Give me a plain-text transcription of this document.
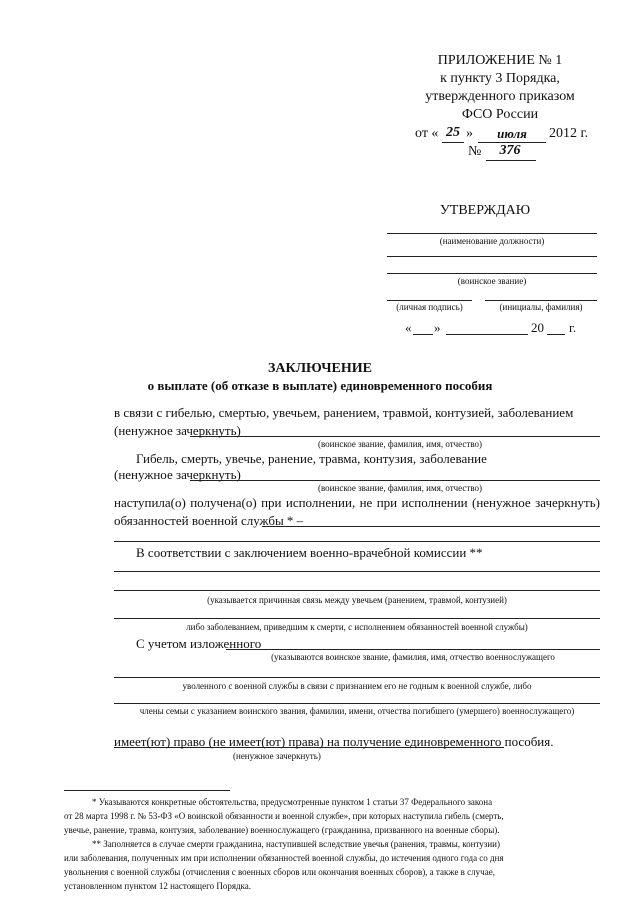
ПРИЛОЖЕНИЕ № 1
к пункту 3 Порядка,
утвержденного приказом
ФСО России
от « 25 »	июля	2012 г.
№	376
УТВЕРЖДАЮ
(наименование должности)
(воинское звание)
(личная подпись)	(инициалы, фамилия)
« »	20 г.
ЗАКЛЮЧЕНИЕ
о выплате (об отказе в выплате) единовременного пособия
в связи с гибелью, смертью, увечьем, ранением, травмой, контузией, заболеванием
(ненужное зачеркнуть)
(воинское звание, фамилия, имя, отчество)
Гибель, смерть, увечье, ранение, травма, контузия, заболевание
(ненужное зачеркнуть)
(воинское звание, фамилия, имя, отчество)
наступила(о) получена(о) при исполнении, не при исполнении (ненужное зачеркнуть)
обязанностей военной службы * –
В соответствии с заключением военно-врачебной комиссии **
(указывается причинная связь между увечьем (ранением, травмой, контузией)
либо заболеванием, приведшим к смерти, с исполнением обязанностей военной службы)
С учетом изложенного
(указываются воинское звание, фамилия, имя, отчество военнослужащего
уволенного с военной службы в связи с признанием его не годным к военной службе, либо
члены семьи с указанием воинского звания, фамилии, имени, отчества погибшего (умершего) военнослужащего)
имеет(ют) право (не имеет(ют) права) на получение единовременного пособия.
(ненужное зачеркнуть)
* Указываются конкретные обстоятельства, предусмотренные пунктом 1 статьи 37 Федерального закона
от 28 марта 1998 г. № 53-ФЗ «О воинской обязанности и военной службе», при которых наступила гибель (смерть,
увечье, ранение, травма, контузия, заболевание) военнослужащего (гражданина, призванного на военные сборы).
** Заполняется в случае смерти гражданина, наступившей вследствие увечья (ранения, травмы, контузии)
или заболевания, полученных им при исполнении обязанностей военной службы, до истечения одного года со дня
увольнения с военной службы (отчисления с военных сборов или окончания военных сборов), а также в случае,
установленном пунктом 12 настоящего Порядка.
